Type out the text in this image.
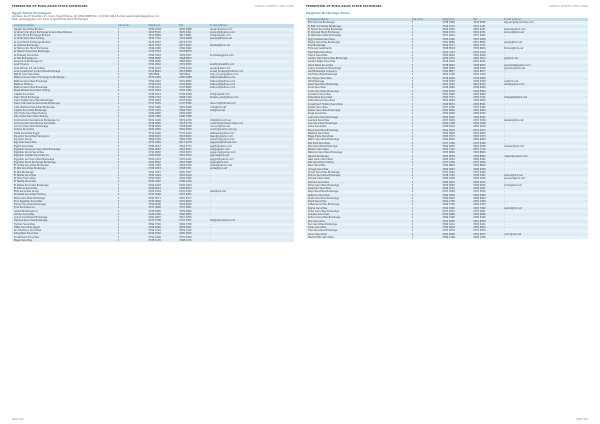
FEDERATION OF EURO-ASIAN STOCK EXCHANGES	ANNUAL REPORT 2005-2006
Egypt Stock Exchanges
Address: 4A, El Sherifein St., Cairo, Egypt Phone: (2) 2392 6988 Fax: (2) 2392 4214 E-mail: webmaster@egyptse.com
Web: www.egyptse.com Cairo & Alexandria Stock Exchanges
Company's Name	City Code	Telephone	Fax	E-mail address
Aguiari Securities Brokers	2	3930 9738	3930 4808	ag.sec@yahoo.com
Al Ahram Int. Stock Exchange & Securities Brokers	2	3931 5530	3930 4451	al.ahram@yahoo.com
Al Ahly Stock Exchange Brokers	2	3917 6688	3917 6681	info@ahlysec.com
Al Amal Securities Trading	2	3392 7752	3392 4508	alamal@thenet.net
Al Arab Stock Exchange Brokers	2	2472 3070	2472 3776	-
Al Ghariba Brokerage	2	2677 9707	2677 9297	alkawat@link.net
Al Hamra Str. Stock Exchange	2	2390 1965	2390 1962	-
Al Hazem Securities Brokerage	2	3700 7693	3703 8870	-
Al Khaleeg Securities	2	3392 3303	3392 3307	al.khaleeg@link.com
Al Mal Brokerage Co.	2	3368 0808	3368 0803	-
Alexandria Brokerage Co.	2	3368 9600	3368 9605	-
Arab Finance	2	3331 2832	3331 2835	arabfin@arabfin.com
Arab African Int. Securities	2	2792 2252	2792 2222	aa.sec@aaib.com
Arab Investment & Securities Brokerage	2	2515 8622	2515 8688	invest_brokers@hotmail.com
Bab El Louk Securities	2	390 8894	390 8901	bab_el_louk@yahoo.com
Beltone Group Stock Exchange & Brokerage	2	2576 6302	2390 3088	beltone@beltone.com
Beltone Securities Brokerage	2	3392 4422	3391 4855	beltone@beltone.com
Bettone Holding	2	2792 1024	2792 6865	beltone@beltone.com
Beltone Securities Brokerage	2	2792 1023	2792 6865	beltone@beltone.com
Blaze Market Securities Trading	2	3335 7824	3335 7995	-
Capital Securities	2	2749 9272	2749 6238	info@capital.com
Cairo Stock Exchange	2	3368 7703	3368 7709	brokers_cse@yahoo.com
Cairo Capital Securities Brokerage	2	2797 4433	2797 4444	-
Cairo International Securities Brokerage	2	2797 3955	2797 3956	cairo.int@hotmail.com
Cairo National Securities Brokerage	2	2391 5400	2391 5446	cnsb@link.net
Capital Securities Brokerage	2	2797 7461	3396 7523	cbb@link.net
City Trade Securities Trading	2	2390 9990	2390 9990	-
City Global Securities Trading	2	2390 7989	2390 7989	-
Commercial International Brokerage Co.	2	3331 2190	3331 2176	cibsb@cib.com.eg
Commercial International Securities	2	3318 9800	3318 9779	customer@cibsecurities.com
Concord Securities Brokerage	2	3338 0048	3338 0048	concord@link.net
Cosmo Securities	2	3392 2090	3392 2090	cosmo@cosmo.com.eg
Delta Securities Egypt	2	3747 2160	3747 2190	deltasec@yahoo.com
Dynamic Securities Trading Co.	2	3393 0003	3393 0003	dsec@dynamic.com
Dynamic Group	2	3566 1558	3566 1558	dynamic@yahoo.com
Egy Pearl Securities	2	2917 2926	2917 2978	egypearl@hotmail.com
Egyfin Securities	2	3390 2013	3391 0775	egyfin@yahoo.com
Egyptian American Securities Brokerage	2	3392 5652	3392 5657	eas@egyam.com
Egyptian Group Securities	2	2792 0030	2792 0033	egygroup@yahoo.com
Egyptian Capital Securities Co.	2	3391 5500	3391 5500	egycap@link.net
Egyptian Gulf Securities Brokerage	2	2764 1234	2764 1221	egygulf@yahoo.com
Egyptian Stock Exchange Brokerage	2	2391 0892	2391 7898	egyse@link.net
El Arabia Securities Brokerage	2	2392 3339	2392 3339	arabia@yahoo.com
El Nile Securities Brokerage	2	2768 0333	2768 0331	elnile@link.net
El Nile Brokerage	2	2391 7057	2391 7057	-
El Rehab Securities	2	3392 9329	3392 9329	-
El Sherif Securities	2	2392 5582	2392 5582	-
El Tawfiq Securities	2	2390 3220	2390 3220	-
El Wafaa Securities Brokerage	2	2392 1003	2392 1004	-
El Zahraa Securities	2	2390 0023	2390 0023	-
Elite Securities Group	2	2761 1234	2761 1235	elite@link.net
Emirates Securities Trading	2	2797 0200	2797 0201	-
Ethos Securities Brokerage	2	2391 5577	2391 5577	-
Euro Egyptian Securities	2	3335 9000	3335 9000	-
Family Securities Brokerage	2	3392 0090	3392 0090	-
First Securities Co.	2	2797 3800	2797 3801	-
Global Brokerage Co.	2	3335 1800	3335 1800	-
Golden Securities	2	2390 1800	2390 1800	-
Grand Investment Brokerage	2	3391 0050	3391 0050	-
Hermes Securities Brokerage	2	2797 3700	2797 3701	hsb@efg-hermes.com
Horizon Securities	2	3392 7700	3392 7700	-
HSBC Securities Egypt	2	2529 8000	2529 8001	-
Ibn Khaldoun Securities	2	3392 1122	3392 1122	-
Integrated Securities	2	2390 5060	2390 5060	-
Investment Securities	2	2797 2200	2797 2200	-
Mega Securities	2	3338 1155	3338 1155	-
PAGE 162
FEDERATION OF EURO-ASIAN STOCK EXCHANGES	ANNUAL REPORT 2005-2006
Egyptian Brokerage Firms
Company's Name	City Code	Telephone	Fax	E-mail address
EFG Hermes Brokerage	2	3338 2380	3338 5830	efg-sec@efg-hermes.com
El Badr Securities Brokerage	2	2516 4321	2516 4321	-
El Salam Securities Brokerage	2	2390 9220	2390 9221	salam@yahoo.com
El Shorouk Stock Exchange	2	3392 6701	3392 6701	shorouk@link.net
El Wadi Securities Brokerage	2	3337 4001	3337 4001	-
Egypt Global Securities	2	3393 2400	3393 2400	-
Equity Securities Brokerage	2	2391 8080	2391 8080	equity@link.net
First Brokerage	2	3392 7071	3392 7071	-
Fortune Investments	2	3338 8004	3338 8004	fortune@link.net
Fast Trade Securities	2	2391 1223	2391 1223	-
Future Securities	2	3393 9020	3393 9020	-
Golden Hand Securities Brokerage	2	2390 1874	2390 1874	gh@link.net
Golden Eagle Securities	2	2516 9101	2516 9101	-
Good News Securities	2	3338 6625	3338 6625	goodnews@yahoo.com
Grand Investment Brokerage	2	3396 5059	3396 5059	grandinv@link.net
Gulf Brokerage Company	2	2392 8877	2392 8877	-
Gulf Securities Brokerage	2	2391 1700	2391 1700	-
Ibn Hayan Securities	2	3338 4900	3338 4900	-
ICE Brokerage	2	2339 2030	2339 2030	ice@link.net
Ideal Securities Brokerage	2	3923 3024	3923 3024	ideal@yahoo.com
Ihraz Securities	2	2390 0080	2390 0080	-
Index Securities Brokerage	2	2392 8500	2392 8500	-
Inovation Securities	2	2391 6460	2391 6460	-
Integrated Securities	2	3393 7311	3393 7311	integrated@link.net
International Securities	2	3392 0050	3392 0050	-
Investment Holding Securities	2	2390 8051	2390 8051	-
Jupiter Securities	2	2797 2290	2797 2290	-
Kaizen Securities Brokerage	2	3391 6664	3391 6664	-
Kings Securities	2	2390 0090	2390 0090	-
Lead Securities Brokerage	2	2390 8220	2390 8220	-
Leaders Securities	2	2797 3030	2797 3030	leaders@link.net
Link Securities Brokerage	2	2392 1188	2392 1188	-
Lotus Securities	2	2390 1610	2390 1610	-
Mass Securities Brokerage	2	2391 0033	2391 0033	-
Masters Securities	2	3392 0600	3392 0600	-
Mega Trade Securities	2	3393 3373	3393 3373	-
Metro Securities Brokerage	2	2390 6650	2390 6650	-
Mid East Securities	2	2797 0760	2797 0760	-
Misr Securities Brokerage	2	3392 4040	3392 4040	misrsec@link.net
Modern Securities	2	2391 7120	2391 7120	-
National Securities Brokerage	2	3393 8800	3393 8800	-
Naeem Brokerage	2	3303 8250	3303 8300	naeem@naeem.com
New Vision Securities	2	2390 3001	2390 3001	-
Nile Securities Trading	2	2797 1600	2797 1600	-
Noor Securities	2	3392 8810	3392 8810	-
Omega Securities	2	2390 4040	2390 4040	-
Orient Securities Brokerage	2	2797 4444	2797 4444	-
Pharos Securities Brokerage	2	3338 7000	3338 7001	pharos@link.net
Pioneers Securities	2	2390 2290	2390 2290	pioneers@link.net
Premier Securities	2	3392 0015	3392 0015	-
Prime Securities Brokerage	2	3393 0050	3393 0050	prime@link.net
Quantum Securities	2	2390 1001	2390 1001	-
Raya Securities Brokerage	2	2797 3550	2797 3550	-
Reliance Securities	2	3392 3000	3392 3000	-
Roots Securities Brokerage	2	2390 8444	2390 8444	-
Royal Securities	2	2391 1300	2391 1300	-
Safwa Securities Brokerage	2	3392 5700	3392 5700	-
Sigma Securities	2	2390 7090	2390 7090	sigma@link.net
Silver Securities Brokerage	2	2797 2001	2797 2001	-
Solidere Securities	2	3393 6099	3393 6099	-
Sphinx Securities Brokerage	2	2390 5180	2390 5180	-
Star Securities	2	2391 8008	2391 8008	-
Sun Securities Brokerage	2	3392 4411	3392 4411	-
Swiss Securities	2	2390 6003	2390 6003	-
Tiba Securities Brokerage	2	2797 3070	2797 3070	-
Union Securities	2	3392 8200	3392 8200	union@link.net
Wadi El Nile Securities	2	2390 1166	2390 1166	-
PAGE 163
